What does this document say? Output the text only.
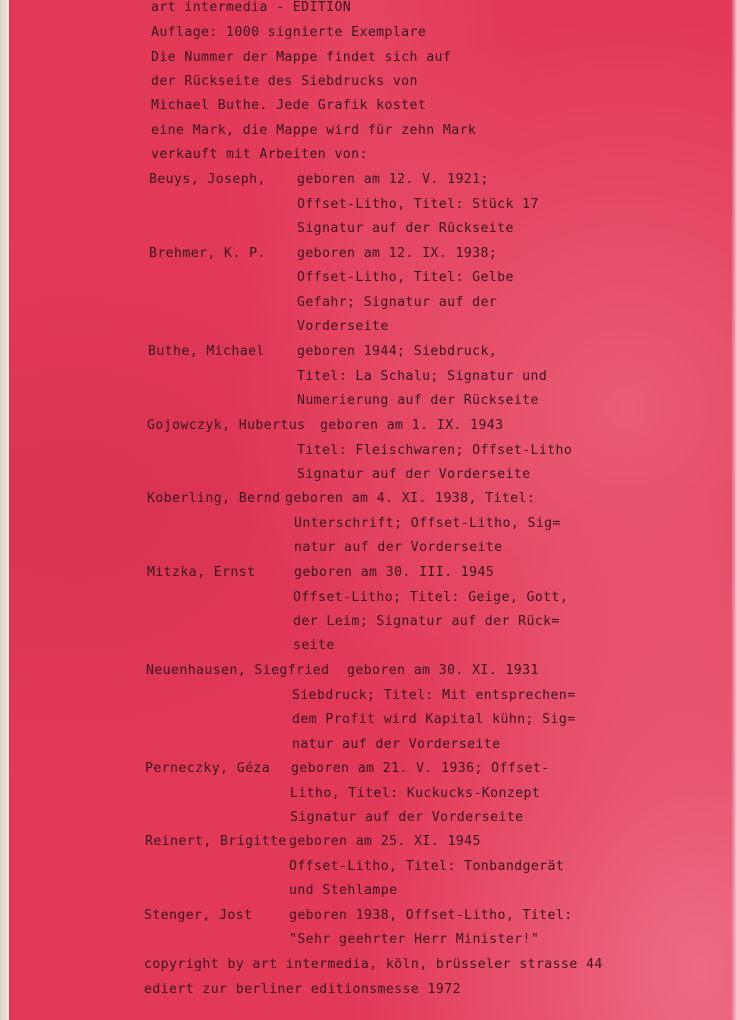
art intermedia - EDITION
Auflage: 1000 signierte Exemplare
Die Nummer der Mappe findet sich auf
der Rückseite des Siebdrucks von
Michael Buthe. Jede Grafik kostet
eine Mark, die Mappe wird für zehn Mark
verkauft mit Arbeiten von:
Beuys, Joseph, geboren am 12. V. 1921;
Offset-Litho, Titel: Stück 17
Signatur auf der Rückseite
Brehmer, K. P. geboren am 12. IX. 1938;
Offset-Litho, Titel: Gelbe
Gefahr; Signatur auf der
Vorderseite
Buthe, Michael geboren 1944; Siebdruck,
Titel: La Schalu; Signatur und
Numerierung auf der Rückseite
Gojowczyk, Hubertus geboren am 1. IX. 1943
Titel: Fleischwaren; Offset-Litho
Signatur auf der Vorderseite
Koberling, Bernd geboren am 4. XI. 1938, Titel:
Unterschrift; Offset-Litho, Sig=
natur auf der Vorderseite
Mitzka, Ernst	geboren am 30. III. 1945
Offset-Litho; Titel: Geige, Gott,
der Leim; Signatur auf der Rück=
seite
Neuenhausen, Siegfried geboren am 30. XI. 1931
Siebdruck; Titel: Mit entsprechen=
dem Profit wird Kapital kühn; Sig=
natur auf der Vorderseite
Perneczky, Géza geboren am 21. V. 1936; Offset-
Litho, Titel: Kuckucks-Konzept
Signatur auf der Vorderseite
Reinert, Brigitte geboren am 25. XI. 1945
Offset-Litho, Titel: Tonbandgerät
und Stehlampe
Stenger, Jost	geboren 1938, Offset-Litho, Titel:
"Sehr geehrter Herr Minister!"
copyright by art intermedia, köln, brüsseler strasse 44
ediert zur berliner editionsmesse 1972
